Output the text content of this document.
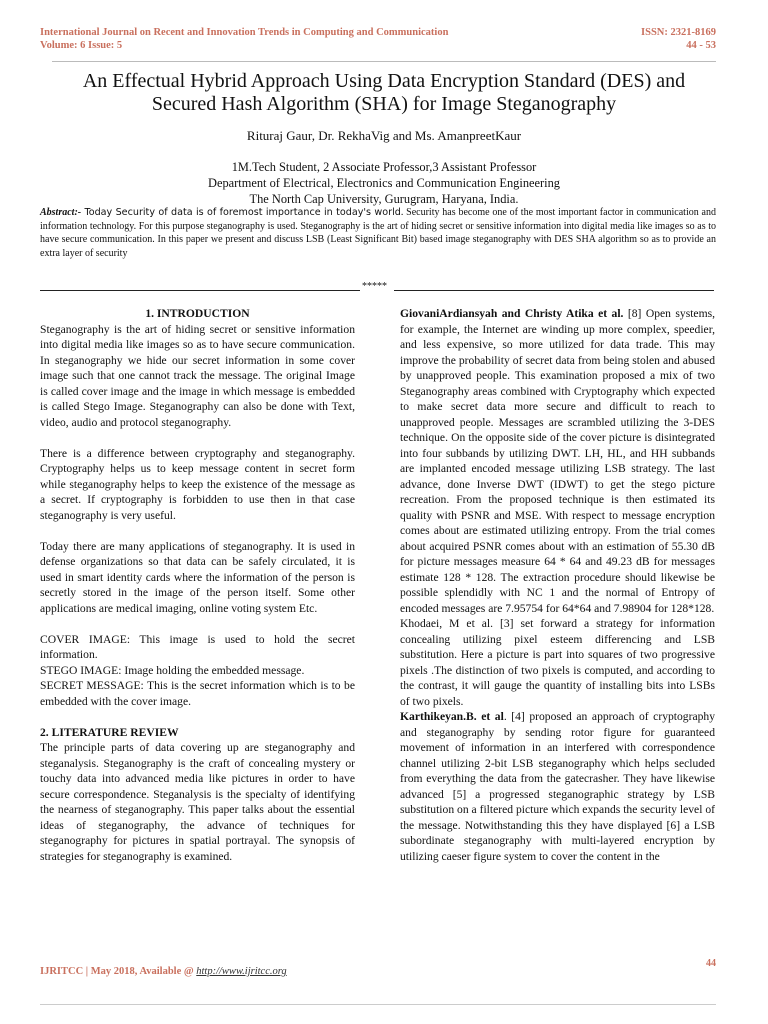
International Journal on Recent and Innovation Trends in Computing and Communication
Volume: 6 Issue: 5
ISSN: 2321-8169
44 - 53
An Effectual Hybrid Approach Using Data Encryption Standard (DES) and
Secured Hash Algorithm (SHA) for Image Steganography
Rituraj Gaur, Dr. RekhaVig and Ms. AmanpreetKaur
1M.Tech Student, 2 Associate Professor,3 Assistant Professor
Department of Electrical, Electronics and Communication Engineering
The North Cap University, Gurugram, Haryana, India.
Abstract:- Today Security of data is of foremost importance in today's world. Security has become one of the most important factor in communication and information technology. For this purpose steganography is used. Steganography is the art of hiding secret or sensitive information into digital media like images so as to have secure communication. In this paper we present and discuss LSB (Least Significant Bit) based image steganography with DES SHA algorithm so as to provide an extra layer of security
*****

1. INTRODUCTION

Steganography is the art of hiding secret or sensitive information into digital media like images so as to have secure communication. In steganography we hide our secret information in some cover image such that one cannot track the message. The original Image is called cover image and the image in which message is embedded is called Stego Image. Steganography can also be done with Text, video, audio and protocol steganography.

There is a difference between cryptography and steganography. Cryptography helps us to keep message content in secret form while steganography helps to keep the existence of the message as a secret. If cryptography is forbidden to use then in that case steganography is very useful.

Today there are many applications of steganography. It is used in defense organizations so that data can be safely circulated, it is used in smart identity cards where the information of the person is secretly stored in the image of the person itself. Some other applications are medical imaging, online voting system Etc.

COVER IMAGE: This image is used to hold the secret information.

STEGO IMAGE: Image holding the embedded message.

SECRET MESSAGE: This is the secret information which is to be embedded with the cover image.

2. LITERATURE REVIEW

The principle parts of data covering up are steganography and steganalysis. Steganography is the craft of concealing mystery or touchy data into advanced media like pictures in order to have secure correspondence. Steganalysis is the specialty of identifying the nearness of steganography. This paper talks about the essential ideas of steganography, the advance of techniques for steganography for pictures in spatial portrayal. The synopsis of strategies for steganography is examined.

GiovaniArdiansyah and Christy Atika et al. [8] Open systems, for example, the Internet are winding up more complex, speedier, and less expensive, so more utilized for data trade. This may improve the probability of secret data from being stolen and abused by unapproved people. This examination proposed a mix of two Steganography areas combined with Cryptography which expected to make secret data more secure and difficult to reach to unapproved people. Messages are scrambled utilizing the 3-DES technique. On the opposite side of the cover picture is disintegrated into four subbands by utilizing DWT. LH, HL, and HH subbands are implanted encoded message utilizing LSB strategy. The last advance, done Inverse DWT (IDWT) to get the stego picture recreation. From the proposed technique is then estimated its quality with PSNR and MSE. With respect to message encryption comes about are estimated utilizing entropy. From the trial comes about acquired PSNR comes about with an estimation of 55.30 dB for picture messages measure 64 * 64 and 49.23 dB for messages estimate 128 * 128. The extraction procedure should likewise be possible splendidly with NC 1 and the normal of Entropy of encoded messages are 7.95754 for 64*64 and 7.98904 for 128*128.

Khodaei, M et al. [3] set forward a strategy for information concealing utilizing pixel esteem differencing and LSB substitution. Here a picture is part into squares of two progressive pixels .The distinction of two pixels is computed, and according to the contrast, it will gauge the quantity of installing bits into LSBs of two pixels.

Karthikeyan.B. et al. [4] proposed an approach of cryptography and steganography by sending rotor figure for guaranteed movement of information in an interfered with correspondence channel utilizing 2-bit LSB steganography which helps secluded from everything the data from the gatecrasher. They have likewise advanced [5] a progressed steganographic strategy by LSB substitution on a filtered picture which expands the security level of the message. Notwithstanding this they have displayed [6] a LSB subordinate steganography with multi-layered encryption by utilizing caeser figure system to cover the content in the

44
IJRITCC | May 2018, Available @ http://www.ijritcc.org
